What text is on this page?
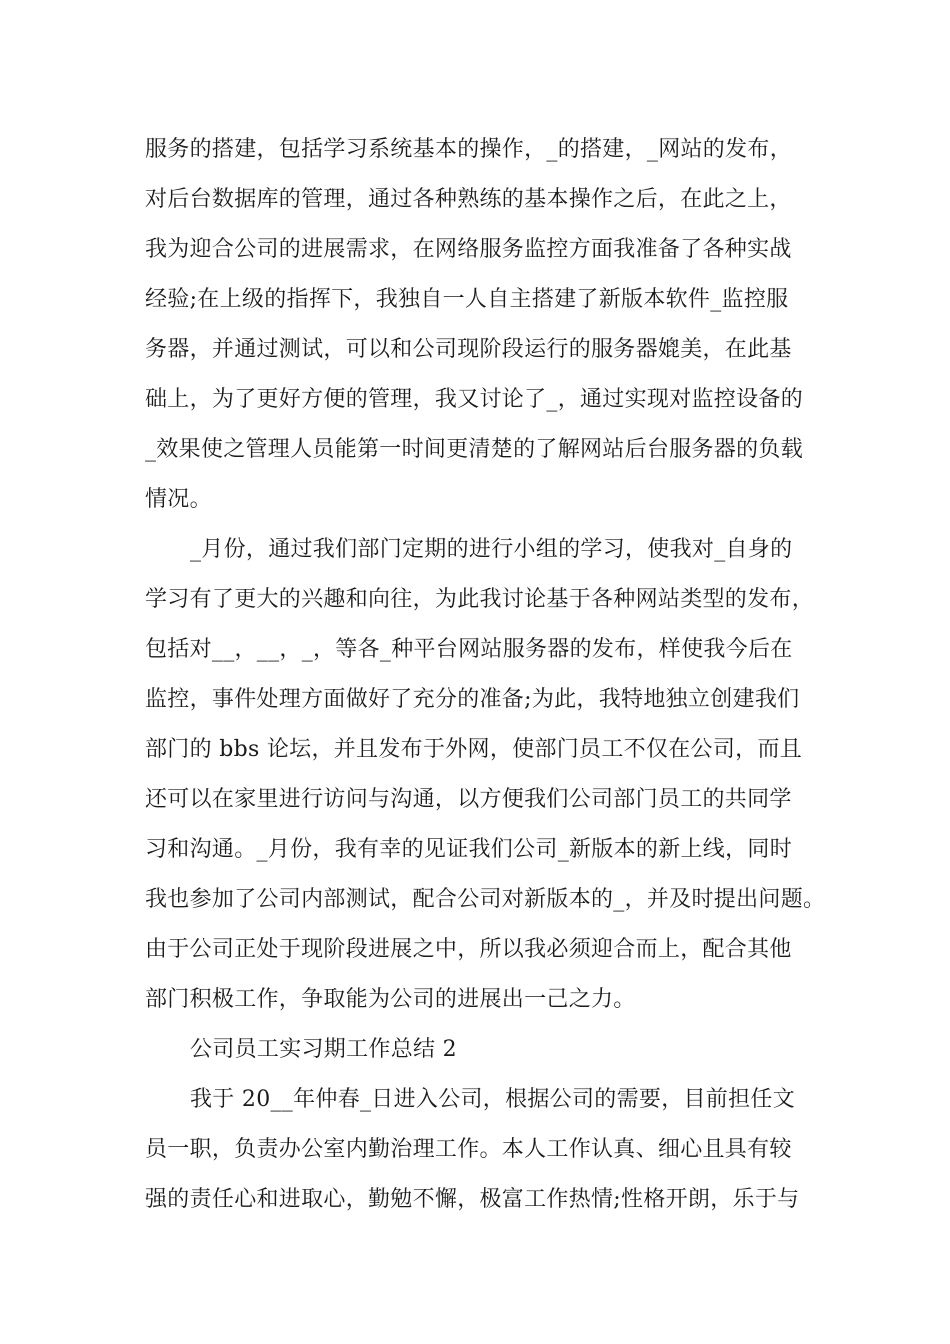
服务的搭建，包括学习系统基本的操作，_的搭建，_网站的发布，
对后台数据库的管理，通过各种熟练的基本操作之后，在此之上，
我为迎合公司的进展需求，在网络服务监控方面我准备了各种实战
经验;在上级的指挥下，我独自一人自主搭建了新版本软件_监控服
务器，并通过测试，可以和公司现阶段运行的服务器媲美，在此基
础上，为了更好方便的管理，我又讨论了_，通过实现对监控设备的
_效果使之管理人员能第一时间更清楚的了解网站后台服务器的负载
情况。
_月份，通过我们部门定期的进行小组的学习，使我对_自身的
学习有了更大的兴趣和向往，为此我讨论基于各种网站类型的发布，
包括对__，__，_，等各_种平台网站服务器的发布，样使我今后在
监控，事件处理方面做好了充分的准备;为此，我特地独立创建我们
部门的 bbs 论坛，并且发布于外网，使部门员工不仅在公司，而且
还可以在家里进行访问与沟通，以方便我们公司部门员工的共同学
习和沟通。_月份，我有幸的见证我们公司_新版本的新上线，同时
我也参加了公司内部测试，配合公司对新版本的_，并及时提出问题。
由于公司正处于现阶段进展之中，所以我必须迎合而上，配合其他
部门积极工作，争取能为公司的进展出一己之力。
公司员工实习期工作总结 2
我于 20__年仲春_日进入公司，根据公司的需要，目前担任文
员一职，负责办公室内勤治理工作。本人工作认真、细心且具有较
强的责任心和进取心，勤勉不懈，极富工作热情;性格开朗，乐于与
